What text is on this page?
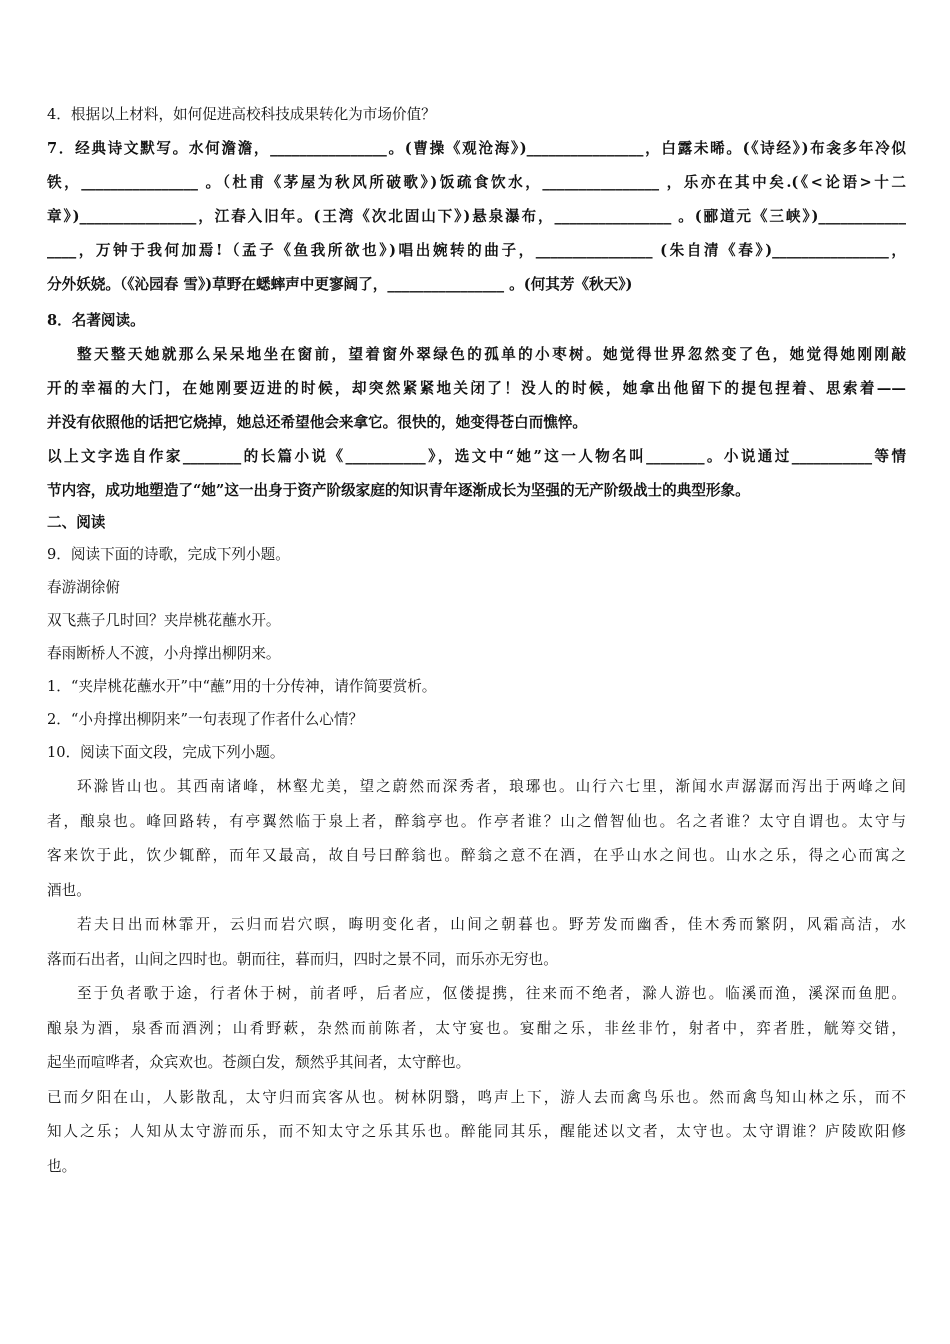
4．根据以上材料，如何促进高校科技成果转化为市场价值？
7．经典诗文默写。水何澹澹，________________。(曹操《观沧海》)________________，白露未晞。(《诗经》)布衾多年冷似
铁，________________ 。（杜甫《茅屋为秋风所破歌》)饭疏食饮水，________________ ，乐亦在其中矣.(《<论语>十二
章》)________________，江春入旧年。(王湾《次北固山下》)悬泉瀑布，________________ 。(郦道元《三峡》)____________
____，万钟于我何加焉!（孟子《鱼我所欲也》)唱出婉转的曲子，________________ (朱自清《春》)________________，
分外妖娆。（《沁园春 雪》)草野在蟋蟀声中更寥阔了，________________ 。(何其芳《秋天》)
8．名著阅读。
整天整天她就那么呆呆地坐在窗前，望着窗外翠绿色的孤单的小枣树。她觉得世界忽然变了色，她觉得她刚刚敲
开的幸福的大门，在她刚要迈进的时候，却突然紧紧地关闭了！没人的时候，她拿出他留下的提包捏着、思索着——
并没有依照他的话把它烧掉，她总还希望他会来拿它。很快的，她变得苍白而憔悴。
以上文字选自作家________的长篇小说《___________》，选文中“她”这一人物名叫________。小说通过___________等情
节内容，成功地塑造了“她”这一出身于资产阶级家庭的知识青年逐渐成长为坚强的无产阶级战士的典型形象。
二、阅读
9．阅读下面的诗歌，完成下列小题。
春游湖徐俯
双飞燕子几时回？夹岸桃花蘸水开。
春雨断桥人不渡，小舟撑出柳阴来。
1．“夹岸桃花蘸水开”中“蘸”用的十分传神，请作简要赏析。
2．“小舟撑出柳阴来”一句表现了作者什么心情？
10．阅读下面文段，完成下列小题。
环滁皆山也。其西南诸峰，林壑尤美，望之蔚然而深秀者，琅琊也。山行六七里，渐闻水声潺潺而泻出于两峰之间
者，酿泉也。峰回路转，有亭翼然临于泉上者，醉翁亭也。作亭者谁？山之僧智仙也。名之者谁？太守自谓也。太守与
客来饮于此，饮少辄醉，而年又最高，故自号曰醉翁也。醉翁之意不在酒，在乎山水之间也。山水之乐，得之心而寓之
酒也。
若夫日出而林霏开，云归而岩穴暝，晦明变化者，山间之朝暮也。野芳发而幽香，佳木秀而繁阴，风霜高洁，水
落而石出者，山间之四时也。朝而往，暮而归，四时之景不同，而乐亦无穷也。
至于负者歌于途，行者休于树，前者呼，后者应，伛偻提携，往来而不绝者，滁人游也。临溪而渔，溪深而鱼肥。
酿泉为酒，泉香而酒洌；山肴野蔌，杂然而前陈者，太守宴也。宴酣之乐，非丝非竹，射者中，弈者胜，觥筹交错，
起坐而喧哗者，众宾欢也。苍颜白发，颓然乎其间者，太守醉也。
已而夕阳在山，人影散乱，太守归而宾客从也。树林阴翳，鸣声上下，游人去而禽鸟乐也。然而禽鸟知山林之乐，而不
知人之乐；人知从太守游而乐，而不知太守之乐其乐也。醉能同其乐，醒能述以文者，太守也。太守谓谁？庐陵欧阳修
也。
